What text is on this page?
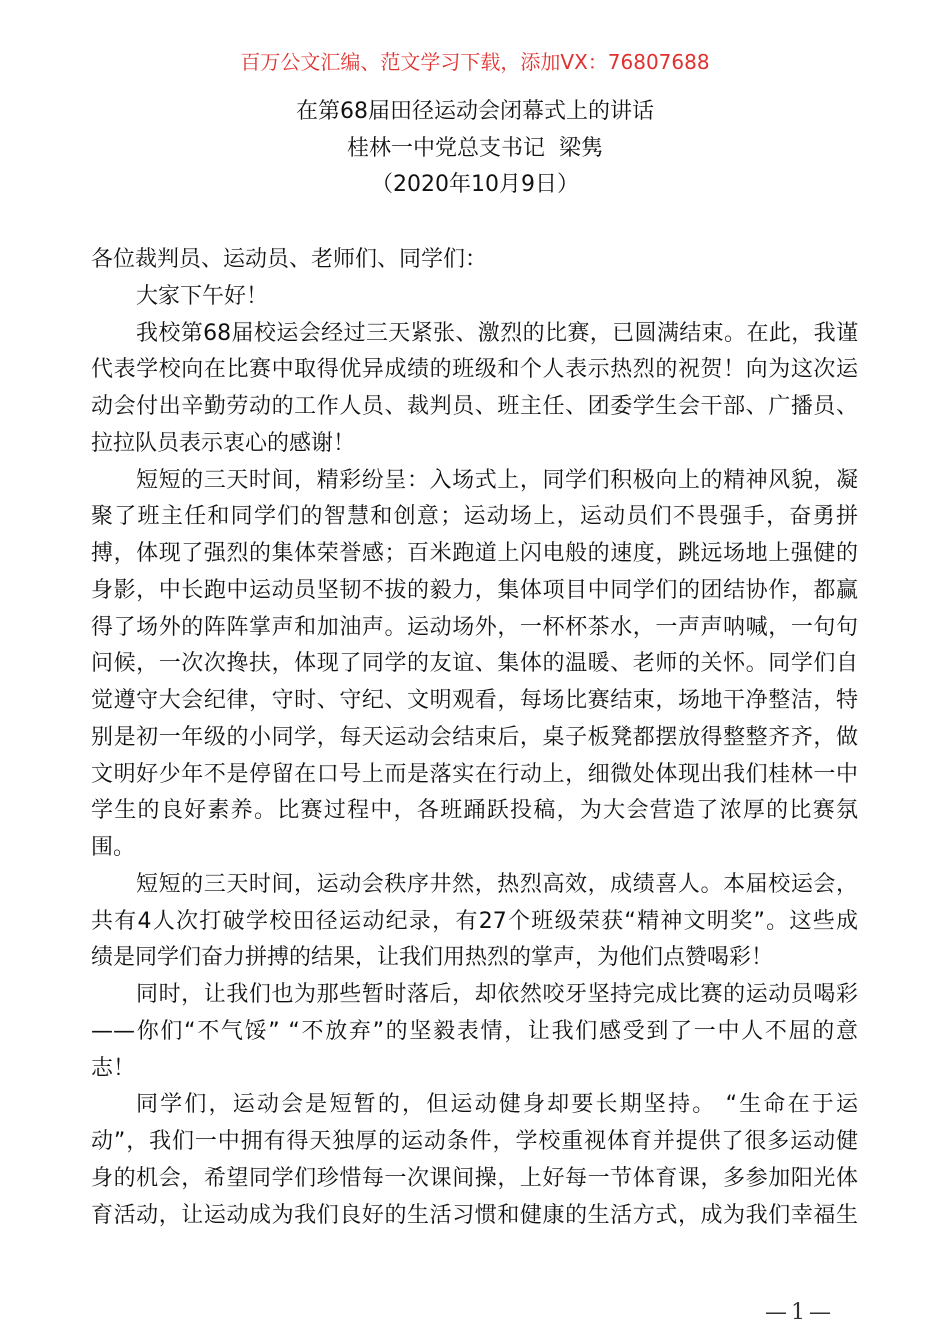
百万公文汇编、范文学习下载，添加VX：76807688
在第68届田径运动会闭幕式上的讲话
桂林一中党总支书记  梁隽
（2020年10月9日）
各位裁判员、运动员、老师们、同学们：
大家下午好！
我校第68届校运会经过三天紧张、激烈的比赛，已圆满结束。在此，我谨
代表学校向在比赛中取得优异成绩的班级和个人表示热烈的祝贺！向为这次运
动会付出辛勤劳动的工作人员、裁判员、班主任、团委学生会干部、广播员、
拉拉队员表示衷心的感谢！
短短的三天时间，精彩纷呈：入场式上，同学们积极向上的精神风貌，凝
聚了班主任和同学们的智慧和创意；运动场上，运动员们不畏强手，奋勇拼
搏，体现了强烈的集体荣誉感；百米跑道上闪电般的速度，跳远场地上强健的
身影，中长跑中运动员坚韧不拔的毅力，集体项目中同学们的团结协作，都赢
得了场外的阵阵掌声和加油声。运动场外，一杯杯茶水，一声声呐喊，一句句
问候，一次次搀扶，体现了同学的友谊、集体的温暖、老师的关怀。同学们自
觉遵守大会纪律，守时、守纪、文明观看，每场比赛结束，场地干净整洁，特
别是初一年级的小同学，每天运动会结束后，桌子板凳都摆放得整整齐齐，做
文明好少年不是停留在口号上而是落实在行动上，细微处体现出我们桂林一中
学生的良好素养。比赛过程中，各班踊跃投稿，为大会营造了浓厚的比赛氛
围。
短短的三天时间，运动会秩序井然，热烈高效，成绩喜人。本届校运会，
共有4人次打破学校田径运动纪录，有27个班级荣获“精神文明奖”。这些成
绩是同学们奋力拼搏的结果，让我们用热烈的掌声，为他们点赞喝彩！
同时，让我们也为那些暂时落后，却依然咬牙坚持完成比赛的运动员喝彩
——你们“不气馁” “不放弃”的坚毅表情，让我们感受到了一中人不屈的意
志！
同学们，运动会是短暂的，但运动健身却要长期坚持。 “生命在于运
动”，我们一中拥有得天独厚的运动条件，学校重视体育并提供了很多运动健
身的机会，希望同学们珍惜每一次课间操，上好每一节体育课，多参加阳光体
育活动，让运动成为我们良好的生活习惯和健康的生活方式，成为我们幸福生
—1—
